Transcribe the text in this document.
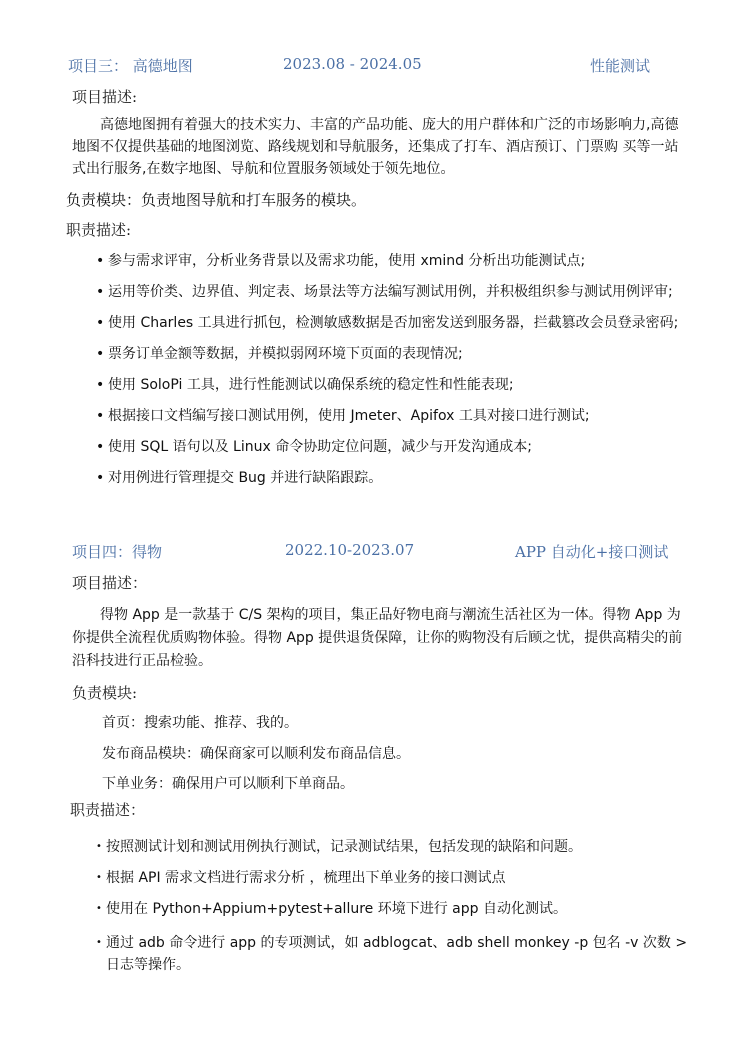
项目三： 高德地图	2023.08 - 2024.05	性能测试
项目描述:
高德地图拥有着强大的技术实力、丰富的产品功能、庞大的用户群体和广泛的市场影响力,高德地图不仅提供基础的地图浏览、路线规划和导航服务，还集成了打车、酒店预订、门票购 买等一站式出行服务,在数字地图、导航和位置服务领域处于领先地位。
负责模块：负责地图导航和打车服务的模块。
职责描述:
• 参与需求评审，分析业务背景以及需求功能，使用 xmind 分析出功能测试点;
• 运用等价类、边界值、判定表、场景法等方法编写测试用例，并积极组织参与测试用例评审;
• 使用 Charles 工具进行抓包，检测敏感数据是否加密发送到服务器，拦截篡改会员登录密码;
• 票务订单金额等数据，并模拟弱网环境下页面的表现情况;
• 使用 SoloPi 工具，进行性能测试以确保系统的稳定性和性能表现;
• 根据接口文档编写接口测试用例，使用 Jmeter、Apifox 工具对接口进行测试;
• 使用 SQL 语句以及 Linux 命令协助定位问题，减少与开发沟通成本;
• 对用例进行管理提交 Bug 并进行缺陷跟踪。
项目四：得物	2022.10-2023.07	APP 自动化+接口测试
项目描述：
得物 App 是一款基于 C/S 架构的项目，集正品好物电商与潮流生活社区为一体。得物 App 为你提供全流程优质购物体验。得物 App 提供退货保障，让你的购物没有后顾之忧，提供高精尖的前沿科技进行正品检验。
负责模块:
首页：搜索功能、推荐、我的。
发布商品模块：确保商家可以顺利发布商品信息。
下单业务：确保用户可以顺利下单商品。
职责描述：
• 按照测试计划和测试用例执行测试，记录测试结果，包括发现的缺陷和问题。
• 根据 API 需求文档进行需求分析 ，梳理出下单业务的接口测试点
• 使用在 Python+Appium+pytest+allure 环境下进行 app 自动化测试。
• 通过 adb 命令进行 app 的专项测试，如 adblogcat、adb shell monkey -p 包名 -v 次数 > 日志等操作。
